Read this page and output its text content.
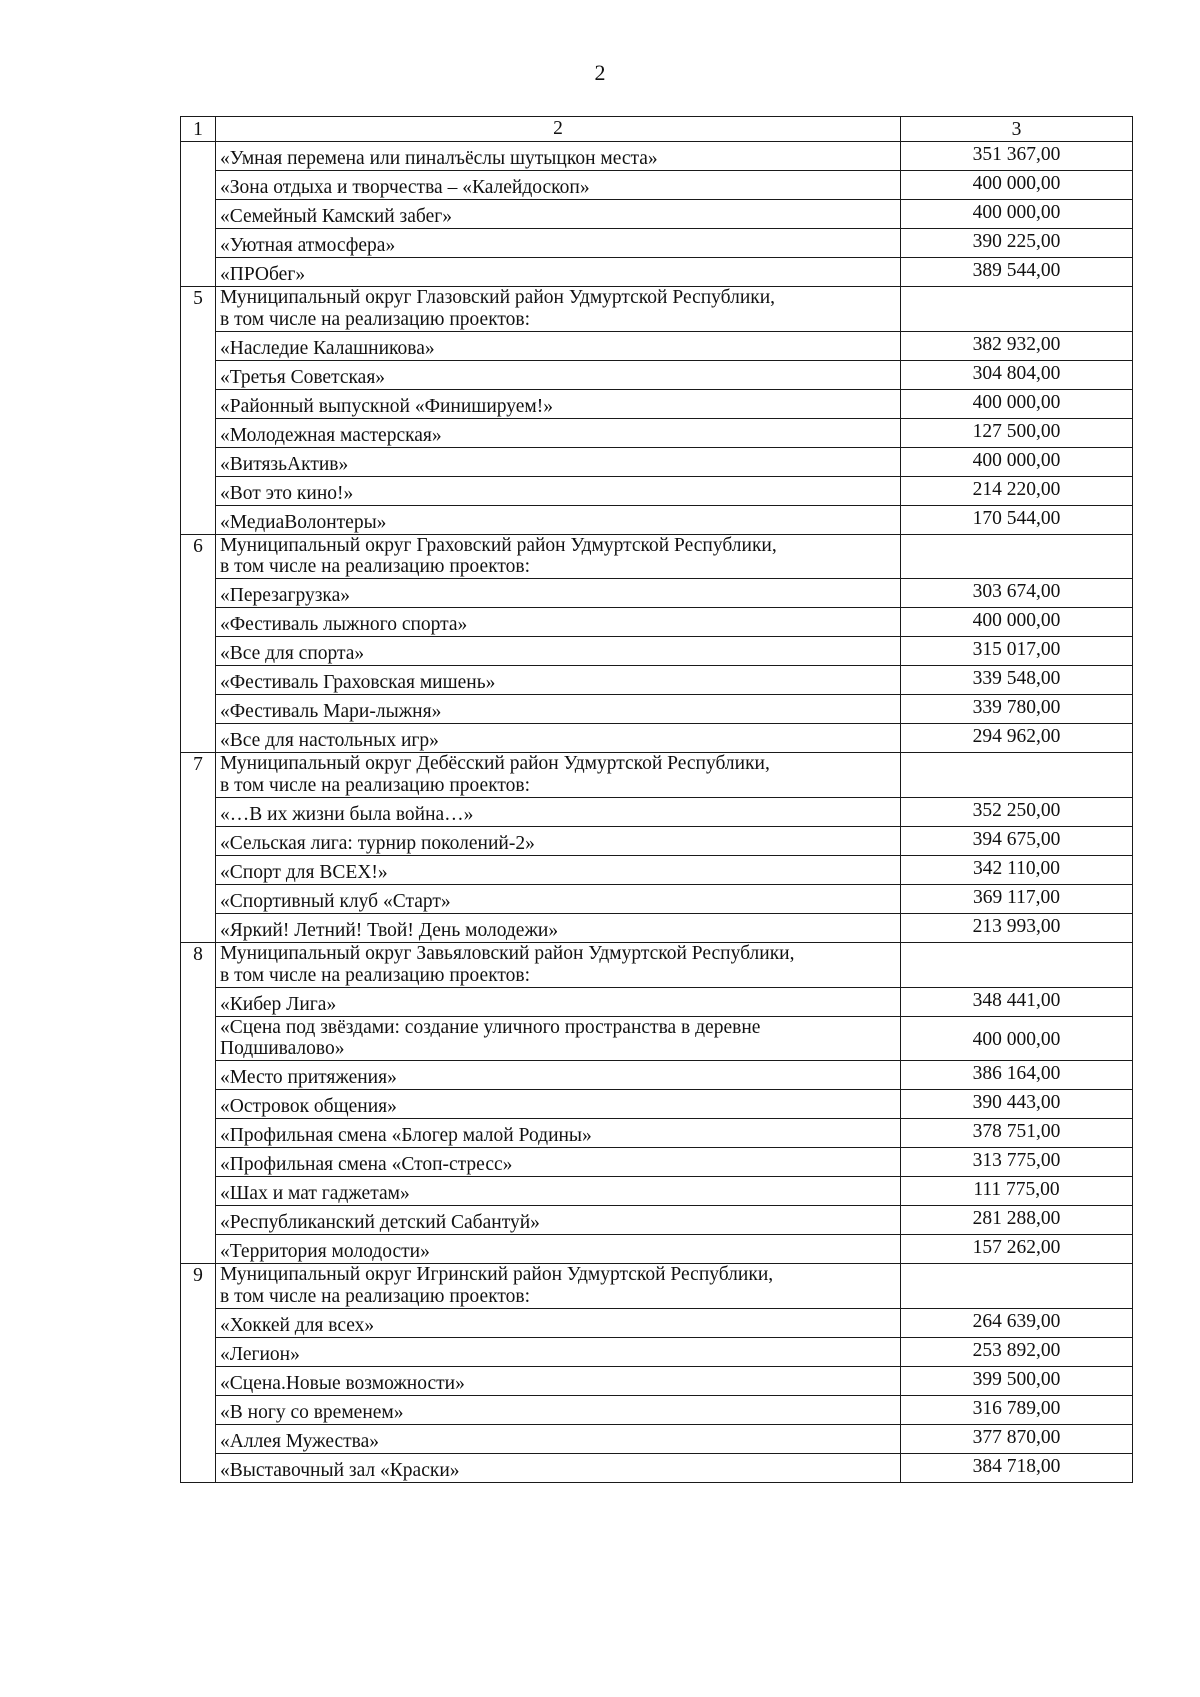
2
1	2	3

	«Умная перемена или пиналъёслы шутыцкон места»	351 367,00

	«Зона отдыха и творчества – «Калейдоскоп»	400 000,00

	«Семейный Камский забег»	400 000,00

	«Уютная атмосфера»	390 225,00

	«ПРОбег»	389 544,00
5	Муниципальный округ Глазовский район Удмуртской Республики,
в том числе на реализацию проектов:	

	«Наследие Калашникова»	382 932,00

	«Третья Советская»	304 804,00

	«Районный выпускной «Финишируем!»	400 000,00

	«Молодежная мастерская»	127 500,00

	«ВитязьАктив»	400 000,00

	«Вот это кино!»	214 220,00

	«МедиаВолонтеры»	170 544,00
6	Муниципальный округ Граховский район Удмуртской Республики,
в том числе на реализацию проектов:	

	«Перезагрузка»	303 674,00

	«Фестиваль лыжного спорта»	400 000,00

	«Все для спорта»	315 017,00

	«Фестиваль Граховская мишень»	339 548,00

	«Фестиваль Мари-лыжня»	339 780,00

	«Все для настольных игр»	294 962,00
7	Муниципальный округ Дебёсский район Удмуртской Республики,
в том числе на реализацию проектов:	

	«…В их жизни была война…»	352 250,00

	«Сельская лига: турнир поколений-2»	394 675,00

	«Спорт для ВСЕХ!»	342 110,00

	«Спортивный клуб «Старт»	369 117,00

	«Яркий! Летний! Твой! День молодежи»	213 993,00
8	Муниципальный округ Завьяловский район Удмуртской Республики,
в том числе на реализацию проектов:	

	«Кибер Лига»	348 441,00

	«Сцена под звёздами: создание уличного пространства в деревне
Подшивалово»	400 000,00

	«Место притяжения»	386 164,00

	«Островок общения»	390 443,00

	«Профильная смена «Блогер малой Родины»	378 751,00

	«Профильная смена «Стоп-стресс»	313 775,00

	«Шах и мат гаджетам»	111 775,00

	«Республиканский детский Сабантуй»	281 288,00

	«Территория молодости»	157 262,00
9	Муниципальный округ Игринский район Удмуртской Республики,
в том числе на реализацию проектов:	

	«Хоккей для всех»	264 639,00

	«Легион»	253 892,00

	«Сцена.Новые возможности»	399 500,00

	«В ногу со временем»	316 789,00

	«Аллея Мужества»	377 870,00

	«Выставочный зал «Краски»	384 718,00
